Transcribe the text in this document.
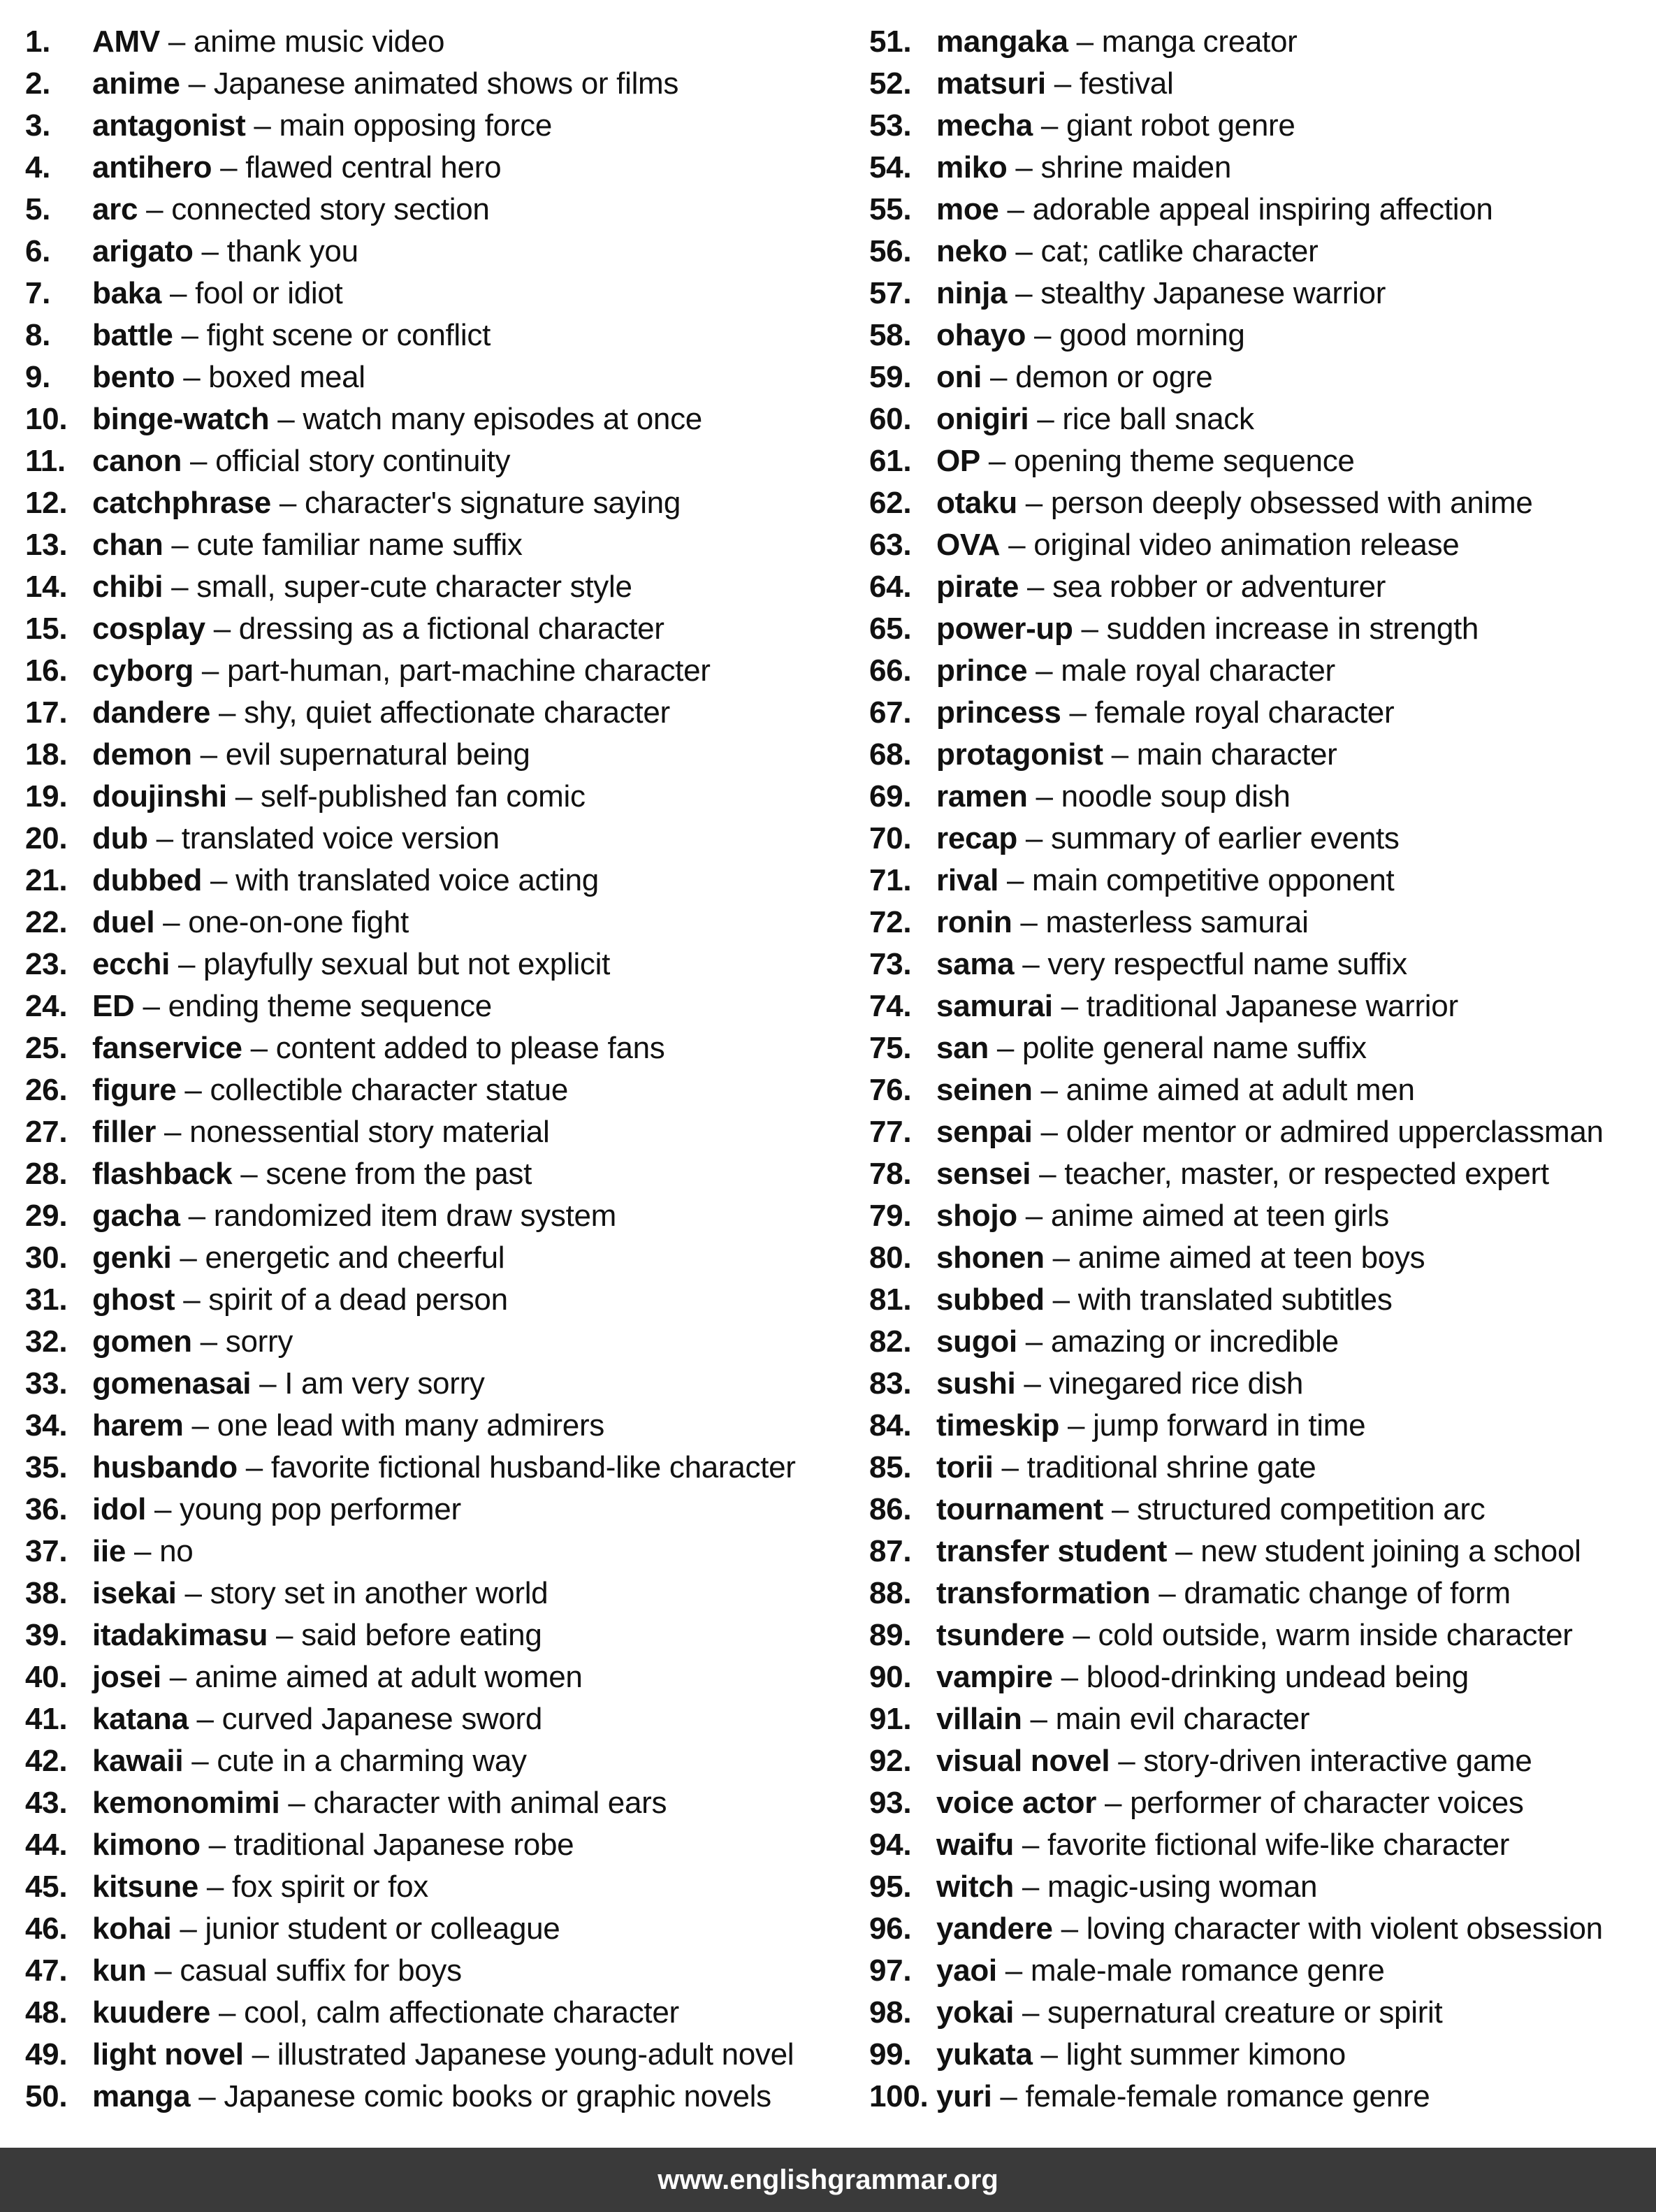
1.	AMV – anime music video
2.	anime – Japanese animated shows or films
3.	antagonist – main opposing force
4.	antihero – flawed central hero
5.	arc – connected story section
6.	arigato – thank you
7.	baka – fool or idiot
8.	battle – fight scene or conflict
9.	bento – boxed meal
10. binge-watch – watch many episodes at once
11. canon – official story continuity
12. catchphrase – character's signature saying
13. chan – cute familiar name suffix
14. chibi – small, super-cute character style
15. cosplay – dressing as a fictional character
16. cyborg – part-human, part-machine character
17. dandere – shy, quiet affectionate character
18. demon – evil supernatural being
19. doujinshi – self-published fan comic
20. dub – translated voice version
21. dubbed – with translated voice acting
22. duel – one-on-one fight
23. ecchi – playfully sexual but not explicit
24. ED – ending theme sequence
25. fanservice – content added to please fans
26. figure – collectible character statue
27. filler – nonessential story material
28. flashback – scene from the past
29. gacha – randomized item draw system
30. genki – energetic and cheerful
31. ghost – spirit of a dead person
32. gomen – sorry
33. gomenasai – I am very sorry
34. harem – one lead with many admirers
35. husbando – favorite fictional husband-like character
36. idol – young pop performer
37. iie – no
38. isekai – story set in another world
39. itadakimasu – said before eating
40. josei – anime aimed at adult women
41. katana – curved Japanese sword
42. kawaii – cute in a charming way
43. kemonomimi – character with animal ears
44. kimono – traditional Japanese robe
45. kitsune – fox spirit or fox
46. kohai – junior student or colleague
47. kun – casual suffix for boys
48. kuudere – cool, calm affectionate character
49. light novel – illustrated Japanese young-adult novel
50. manga – Japanese comic books or graphic novels
51. mangaka – manga creator
52. matsuri – festival
53. mecha – giant robot genre
54. miko – shrine maiden
55. moe – adorable appeal inspiring affection
56. neko – cat; catlike character
57. ninja – stealthy Japanese warrior
58. ohayo – good morning
59. oni – demon or ogre
60. onigiri – rice ball snack
61. OP – opening theme sequence
62. otaku – person deeply obsessed with anime
63. OVA – original video animation release
64. pirate – sea robber or adventurer
65. power-up – sudden increase in strength
66. prince – male royal character
67. princess – female royal character
68. protagonist – main character
69. ramen – noodle soup dish
70. recap – summary of earlier events
71. rival – main competitive opponent
72. ronin – masterless samurai
73. sama – very respectful name suffix
74. samurai – traditional Japanese warrior
75. san – polite general name suffix
76. seinen – anime aimed at adult men
77. senpai – older mentor or admired upperclassman
78. sensei – teacher, master, or respected expert
79. shojo – anime aimed at teen girls
80. shonen – anime aimed at teen boys
81. subbed – with translated subtitles
82. sugoi – amazing or incredible
83. sushi – vinegared rice dish
84. timeskip – jump forward in time
85. torii – traditional shrine gate
86. tournament – structured competition arc
87. transfer student – new student joining a school
88. transformation – dramatic change of form
89. tsundere – cold outside, warm inside character
90. vampire – blood-drinking undead being
91. villain – main evil character
92. visual novel – story-driven interactive game
93. voice actor – performer of character voices
94. waifu – favorite fictional wife-like character
95. witch – magic-using woman
96. yandere – loving character with violent obsession
97. yaoi – male-male romance genre
98. yokai – supernatural creature or spirit
99. yukata – light summer kimono
100. yuri – female-female romance genre
www.englishgrammar.org
